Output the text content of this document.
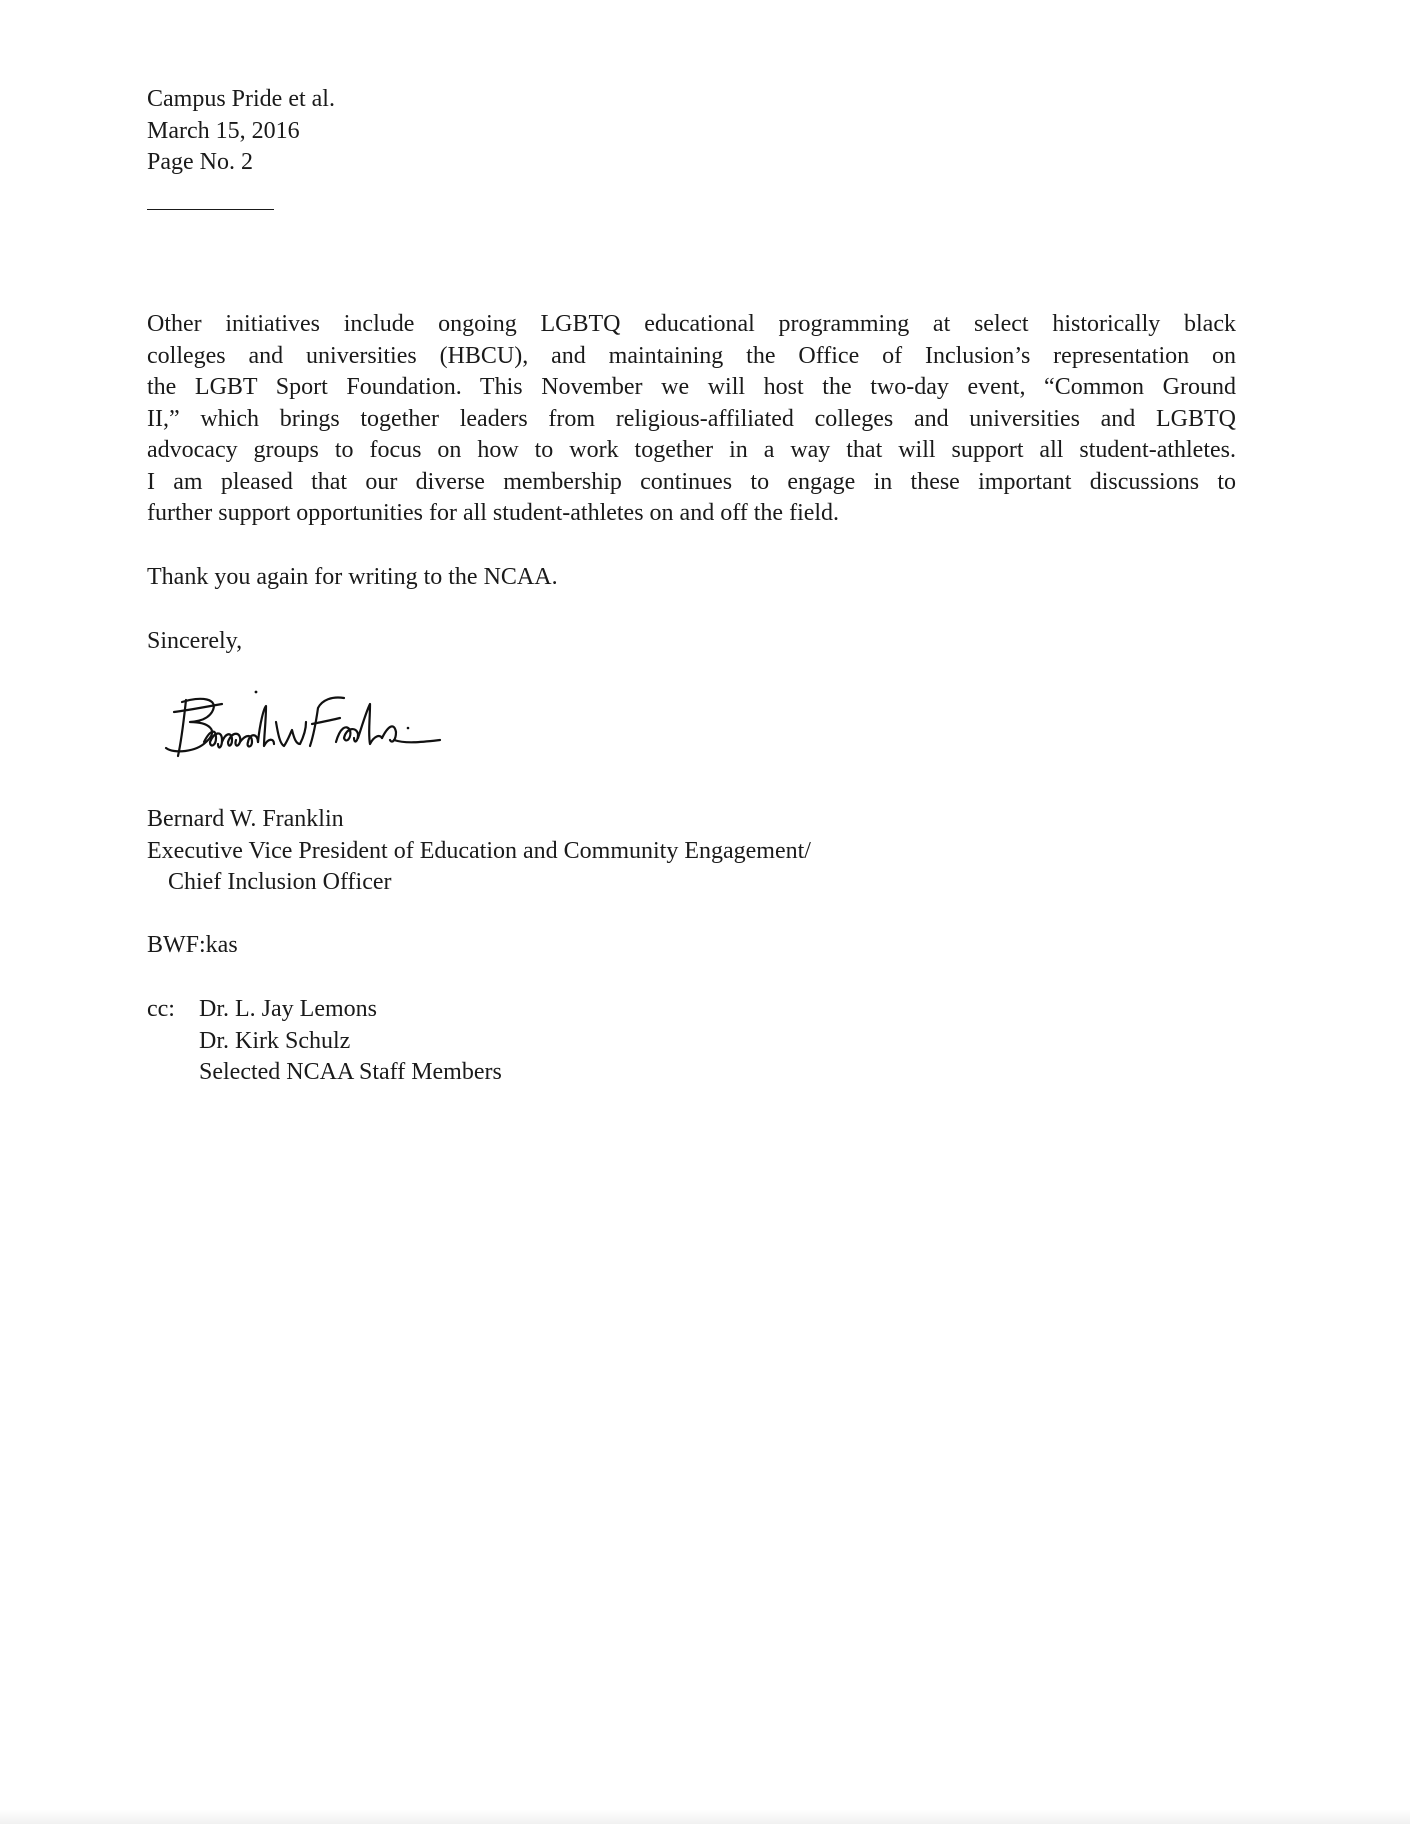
Campus Pride et al.
March 15, 2016
Page No. 2
Other initiatives include ongoing LGBTQ educational programming at select historically black
colleges and universities (HBCU), and maintaining the Office of Inclusion’s representation on
the LGBT Sport Foundation. This November we will host the two-day event, “Common Ground
II,” which brings together leaders from religious-affiliated colleges and universities and LGBTQ
advocacy groups to focus on how to work together in a way that will support all student-athletes.
I am pleased that our diverse membership continues to engage in these important discussions to
further support opportunities for all student-athletes on and off the field.
Thank you again for writing to the NCAA.
Sincerely,
Bernard W. Franklin
Executive Vice President of Education and Community Engagement/
Chief Inclusion Officer
BWF:kas
cc: Dr. L. Jay Lemons
Dr. Kirk Schulz
Selected NCAA Staff Members
